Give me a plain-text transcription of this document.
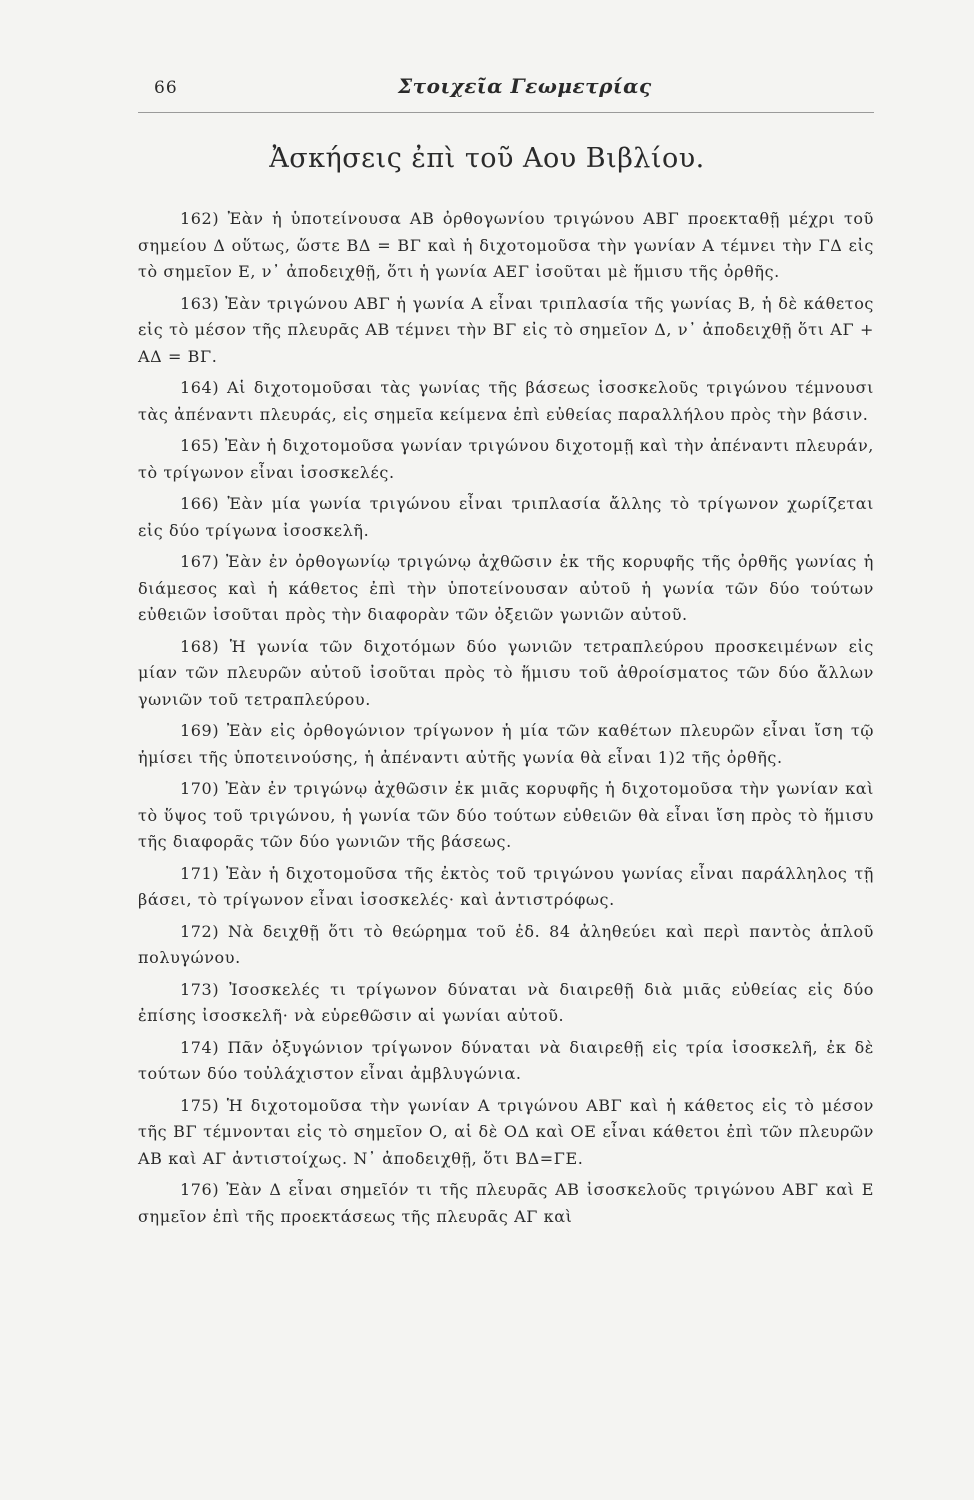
66	Στοιχεῖα Γεωμετρίας
Ἀσκήσεις ἐπὶ τοῦ Αου Βιβλίου.

162) Ἐὰν ἡ ὑποτείνουσα ΑΒ ὀρθογωνίου τριγώνου ΑΒΓ προεκταθῇ μέχρι τοῦ σημείου Δ οὕτως, ὥστε ΒΔ = ΒΓ καὶ ἡ διχοτομοῦσα τὴν γωνίαν Α τέμνει τὴν ΓΔ εἰς τὸ σημεῖον Ε, ν᾽ ἀποδειχθῇ, ὅτι ἡ γωνία ΑΕΓ ἰσοῦται μὲ ἥμισυ τῆς ὀρθῆς.

163) Ἐὰν τριγώνου ΑΒΓ ἡ γωνία Α εἶναι τριπλασία τῆς γωνίας Β, ἡ δὲ κάθετος εἰς τὸ μέσον τῆς πλευρᾶς ΑΒ τέμνει τὴν ΒΓ εἰς τὸ σημεῖον Δ, ν᾽ ἀποδειχθῇ ὅτι ΑΓ + ΑΔ = ΒΓ.

164) Αἱ διχοτομοῦσαι τὰς γωνίας τῆς βάσεως ἰσοσκελοῦς τριγώνου τέμνουσι τὰς ἀπέναντι πλευράς, εἰς σημεῖα κείμενα ἐπὶ εὐθείας παραλλήλου πρὸς τὴν βάσιν.

165) Ἐὰν ἡ διχοτομοῦσα γωνίαν τριγώνου διχοτομῇ καὶ τὴν ἀπέναντι πλευράν, τὸ τρίγωνον εἶναι ἰσοσκελές.

166) Ἐὰν μία γωνία τριγώνου εἶναι τριπλασία ἄλλης τὸ τρίγωνον χωρίζεται εἰς δύο τρίγωνα ἰσοσκελῆ.

167) Ἐὰν ἐν ὀρθογωνίῳ τριγώνῳ ἀχθῶσιν ἐκ τῆς κορυφῆς τῆς ὀρθῆς γωνίας ἡ διάμεσος καὶ ἡ κάθετος ἐπὶ τὴν ὑποτείνουσαν αὐτοῦ ἡ γωνία τῶν δύο τούτων εὐθειῶν ἰσοῦται πρὸς τὴν διαφορὰν τῶν ὀξειῶν γωνιῶν αὐτοῦ.

168) Ἡ γωνία τῶν διχοτόμων δύο γωνιῶν τετραπλεύρου προσκειμένων εἰς μίαν τῶν πλευρῶν αὐτοῦ ἰσοῦται πρὸς τὸ ἥμισυ τοῦ ἀθροίσματος τῶν δύο ἄλλων γωνιῶν τοῦ τετραπλεύρου.

169) Ἐὰν εἰς ὀρθογώνιον τρίγωνον ἡ μία τῶν καθέτων πλευρῶν εἶναι ἴση τῷ ἡμίσει τῆς ὑποτεινούσης, ἡ ἀπέναντι αὐτῆς γωνία θὰ εἶναι 1)2 τῆς ὀρθῆς.

170) Ἐὰν ἐν τριγώνῳ ἀχθῶσιν ἐκ μιᾶς κορυφῆς ἡ διχοτομοῦσα τὴν γωνίαν καὶ τὸ ὕψος τοῦ τριγώνου, ἡ γωνία τῶν δύο τούτων εὐθειῶν θὰ εἶναι ἴση πρὸς τὸ ἥμισυ τῆς διαφορᾶς τῶν δύο γωνιῶν τῆς βάσεως.

171) Ἐὰν ἡ διχοτομοῦσα τῆς ἐκτὸς τοῦ τριγώνου γωνίας εἶναι παράλληλος τῇ βάσει, τὸ τρίγωνον εἶναι ἰσοσκελές· καὶ ἀντιστρόφως.

172) Νὰ δειχθῇ ὅτι τὸ θεώρημα τοῦ ἐδ. 84 ἀληθεύει καὶ περὶ παντὸς ἁπλοῦ πολυγώνου.

173) Ἰσοσκελές τι τρίγωνον δύναται νὰ διαιρεθῇ διὰ μιᾶς εὐθείας εἰς δύο ἐπίσης ἰσοσκελῆ· νὰ εὑρεθῶσιν αἱ γωνίαι αὐτοῦ.

174) Πᾶν ὀξυγώνιον τρίγωνον δύναται νὰ διαιρεθῇ εἰς τρία ἰσοσκελῆ, ἐκ δὲ τούτων δύο τοὐλάχιστον εἶναι ἀμβλυγώνια.

175) Ἡ διχοτομοῦσα τὴν γωνίαν Α τριγώνου ΑΒΓ καὶ ἡ κάθετος εἰς τὸ μέσον τῆς ΒΓ τέμνονται εἰς τὸ σημεῖον Ο, αἱ δὲ ΟΔ καὶ ΟΕ εἶναι κάθετοι ἐπὶ τῶν πλευρῶν ΑΒ καὶ ΑΓ ἀντιστοίχως. Ν᾽ ἀποδειχθῇ, ὅτι ΒΔ=ΓΕ.

176) Ἐὰν Δ εἶναι σημεῖόν τι τῆς πλευρᾶς ΑΒ ἰσοσκελοῦς τριγώνου ΑΒΓ καὶ Ε σημεῖον ἐπὶ τῆς προεκτάσεως τῆς πλευρᾶς ΑΓ καὶ
